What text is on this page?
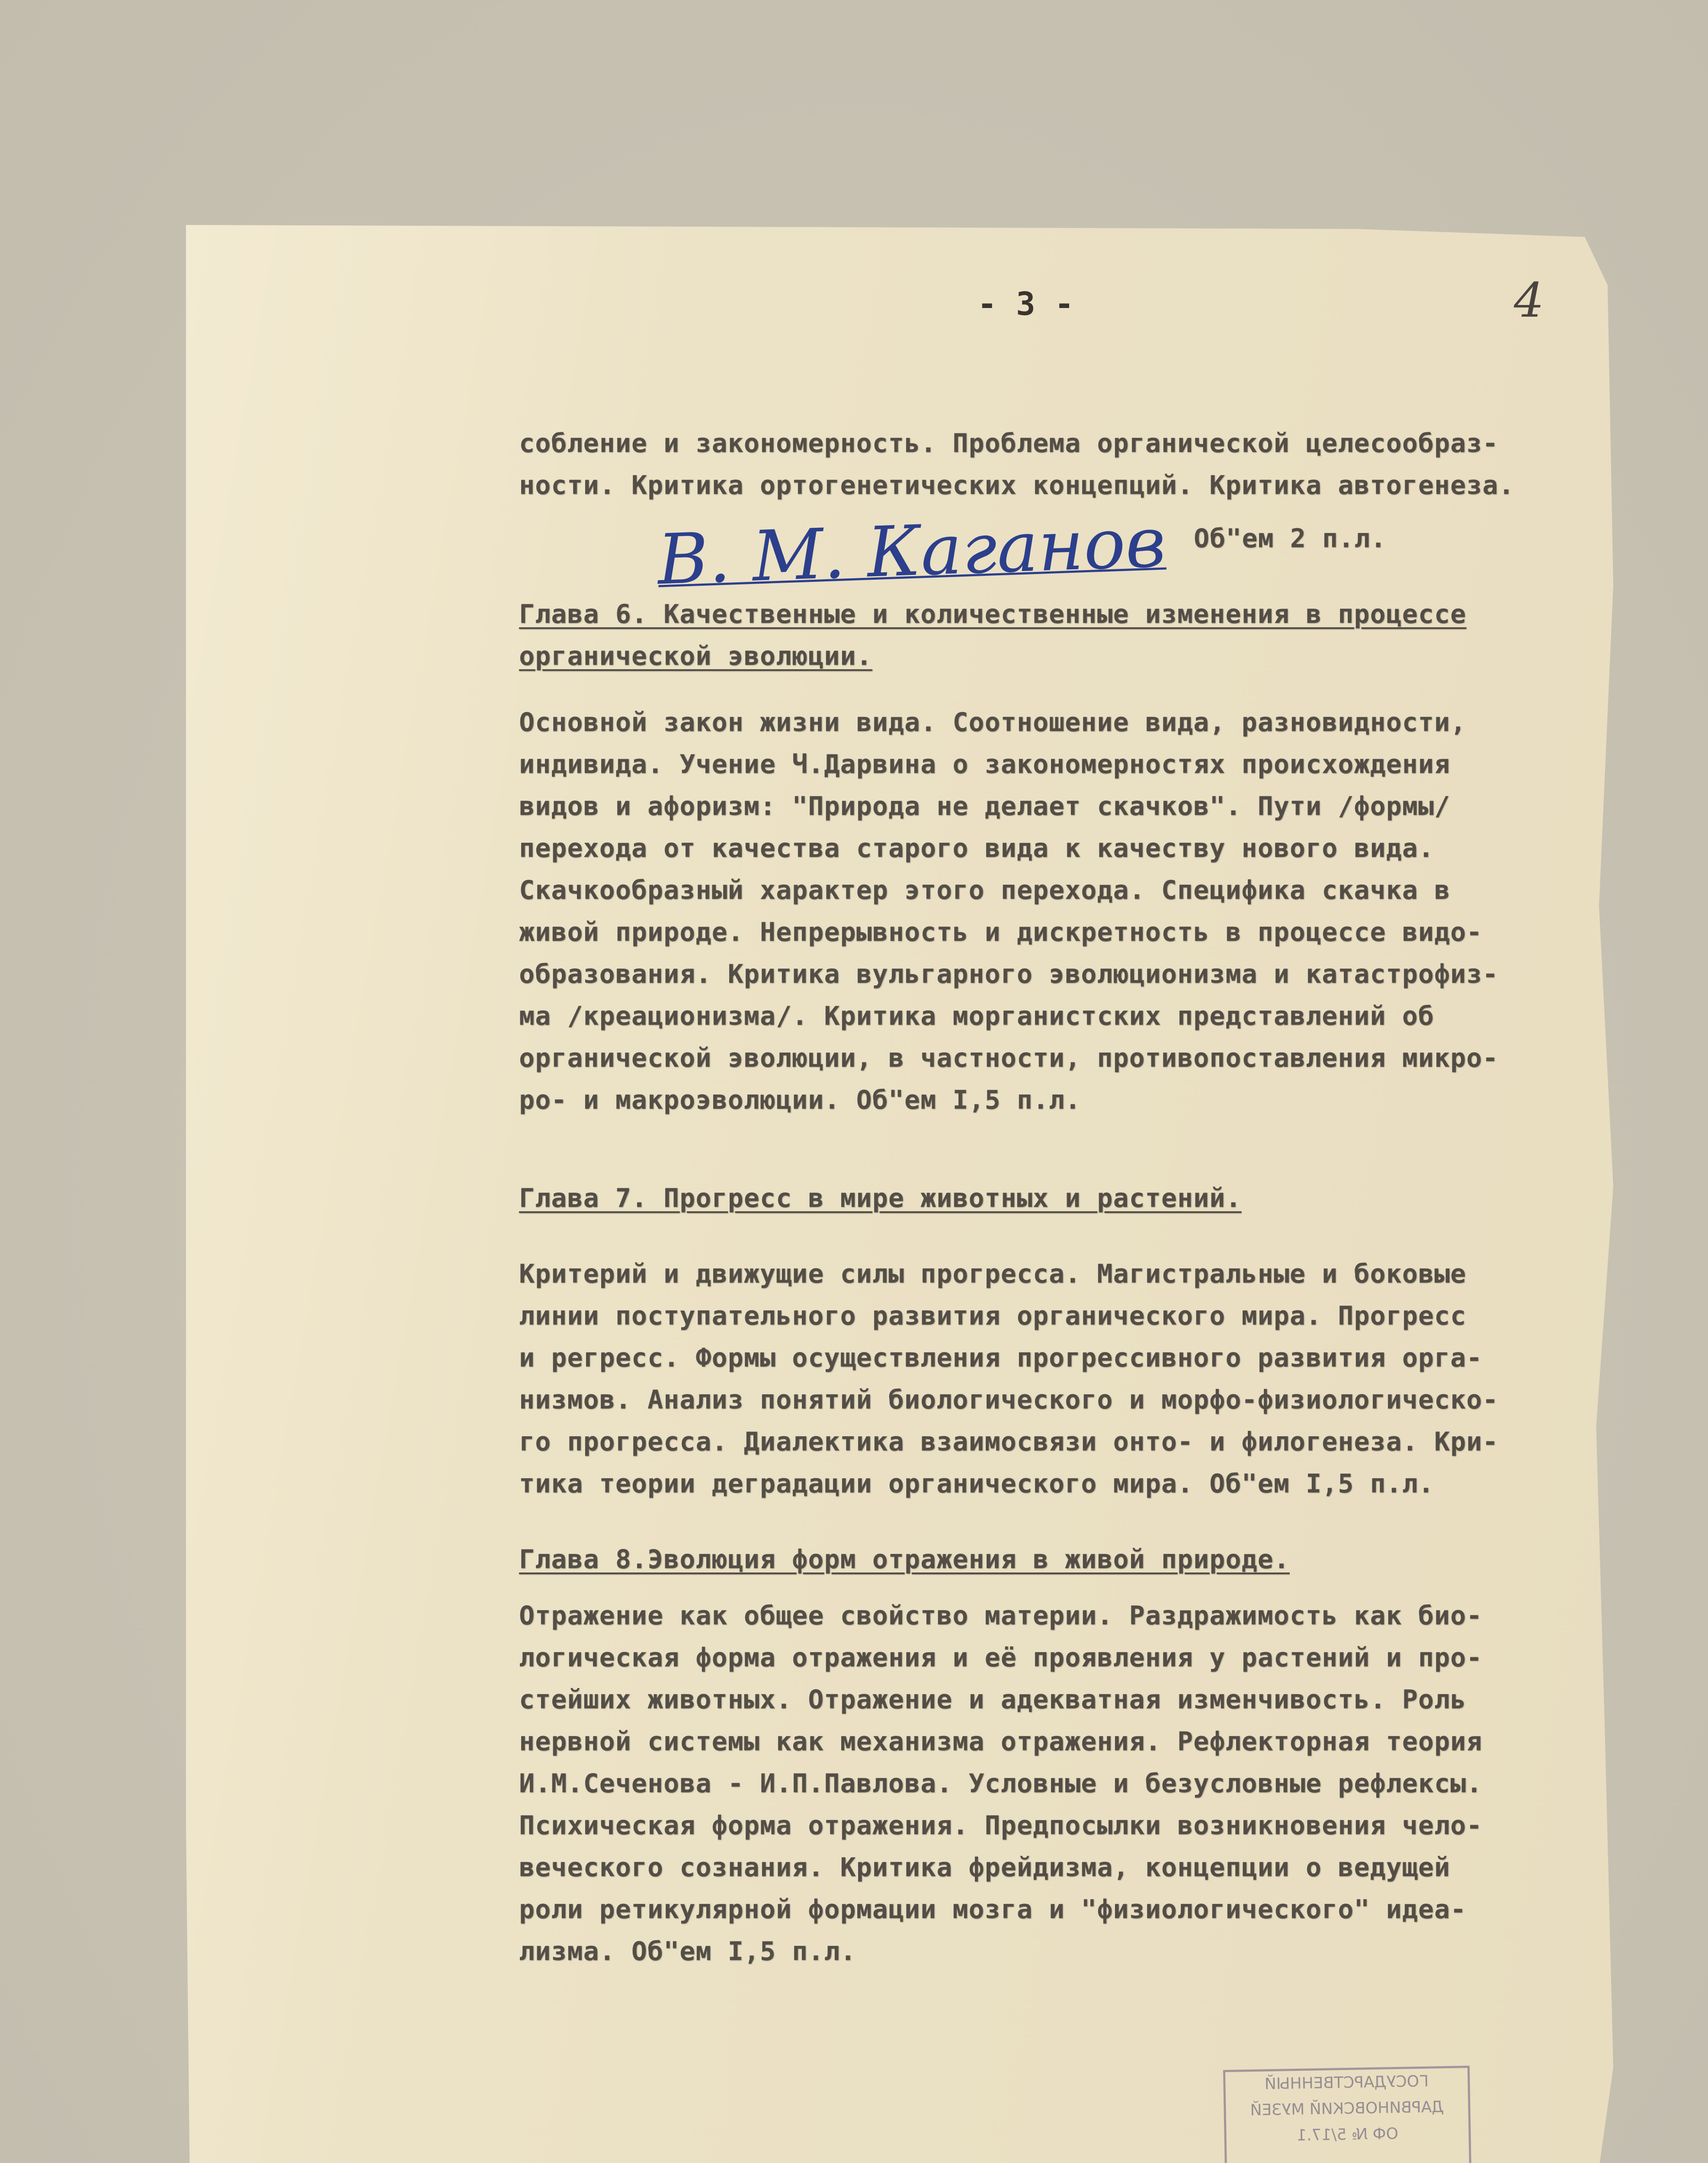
- 3 -	4
собление и закономерность. Проблема органической целесообраз-
ности. Критика ортогенетических концепций. Критика автогенеза.
Об"ем 2 п.л.
В. М. Каганов
Глава 6. Качественные и количественные изменения в процессе
органической эволюции.
Основной закон жизни вида. Соотношение вида, разновидности,
индивида. Учение Ч.Дарвина о закономерностях происхождения
видов и афоризм: "Природа не делает скачков". Пути /формы/
перехода от качества старого вида к качеству нового вида.
Скачкообразный характер этого перехода. Специфика скачка в
живой природе. Непрерывность и дискретность в процессе видо-
образования. Критика вульгарного эволюционизма и катастрофиз-
ма /креационизма/. Критика морганистских представлений об
органической эволюции, в частности, противопоставления микро-
ро- и макроэволюции. Об"ем I,5 п.л.
Глава 7. Прогресс в мире животных и растений.
Критерий и движущие силы прогресса. Магистральные и боковые
линии поступательного развития органического мира. Прогресс
и регресс. Формы осуществления прогрессивного развития орга-
низмов. Анализ понятий биологического и морфо-физиологическо-
го прогресса. Диалектика взаимосвязи онто- и филогенеза. Кри-
тика теории деградации органического мира. Об"ем I,5 п.л.
Глава 8.Эволюция форм отражения в живой природе.
Отражение как общее свойство материи. Раздражимость как био-
логическая форма отражения и её проявления у растений и про-
стейших животных. Отражение и адекватная изменчивость. Роль
нервной системы как механизма отражения. Рефлекторная теория
И.М.Сеченова - И.П.Павлова. Условные и безусловные рефлексы.
Психическая форма отражения. Предпосылки возникновения чело-
веческого сознания. Критика фрейдизма, концепции о ведущей
роли ретикулярной формации мозга и "физиологического" идеа-
лизма. Об"ем I,5 п.л.
ГОСУДАРСТВЕННЫЙ
ДАРВИНОВСКИЙ МУЗЕЙ
ОФ № 5/17.1
